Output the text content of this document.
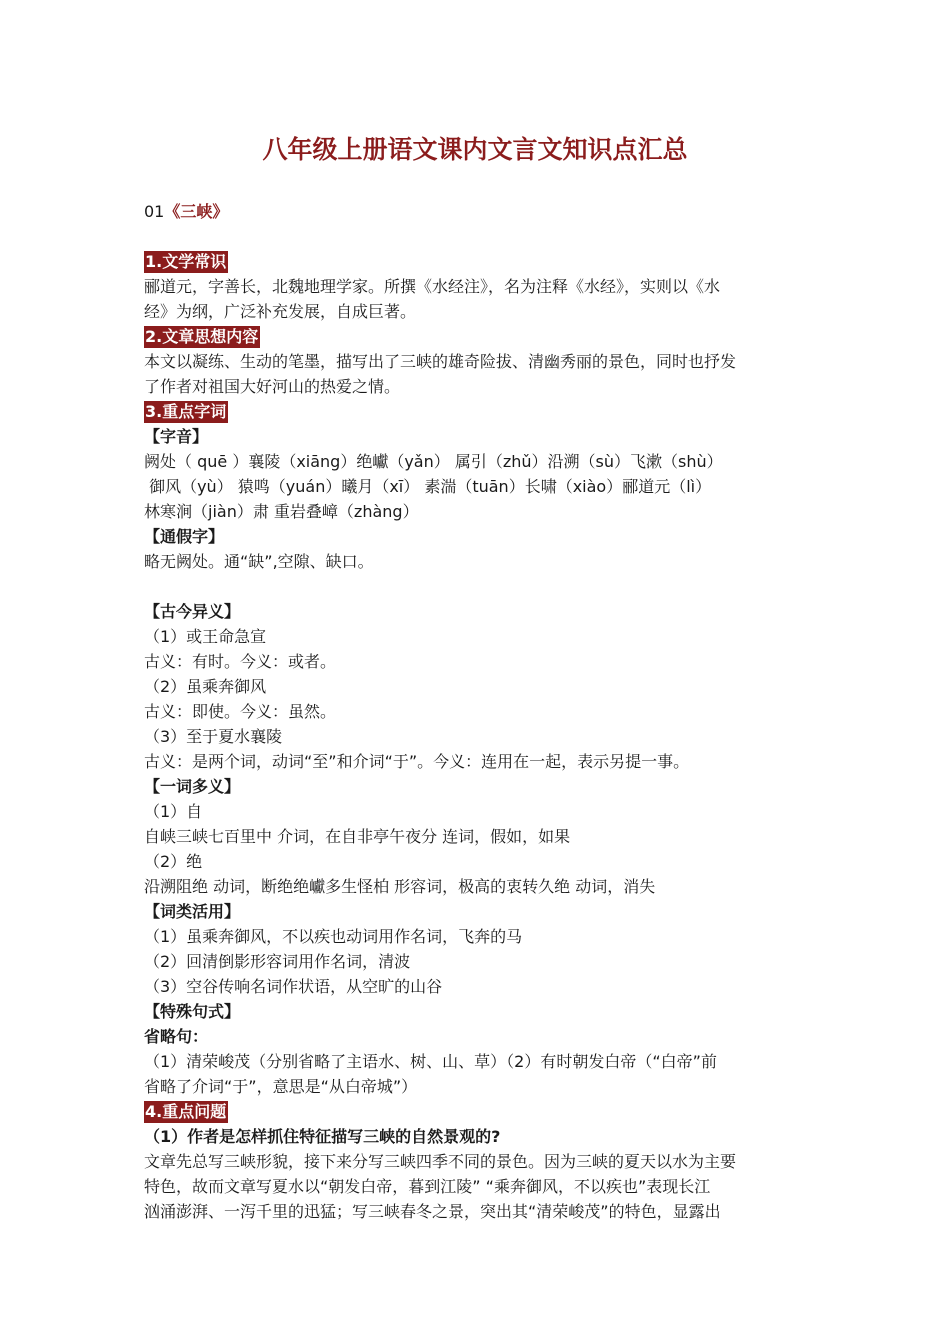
八年级上册语文课内文言文知识点汇总

01《三峡》

1.文学常识

郦道元，字善长，北魏地理学家。所撰《水经注》，名为注释《水经》，实则以《水

经》为纲，广泛补充发展，自成巨著。

2.文章思想内容

本文以凝练、生动的笔墨，描写出了三峡的雄奇险拔、清幽秀丽的景色，同时也抒发

了作者对祖国大好河山的热爱之情。

3.重点字词

【字音】

阙处（ quē ）襄陵（xiāng）绝巘（yǎn） 属引（zhǔ）沿溯（sù）飞漱（shù）

御风（yù） 猿鸣（yuán）曦月（xī） 素湍（tuān）长啸（xiào）郦道元（lì）

林寒涧（jiàn）肃 重岩叠嶂（zhàng）

【通假字】

略无阙处。通“缺”,空隙、缺口。

【古今异义】

（1）或王命急宣

古义：有时。今义：或者。

（2）虽乘奔御风

古义：即使。今义：虽然。

（3）至于夏水襄陵

古义：是两个词，动词“至”和介词“于”。今义：连用在一起，表示另提一事。

【一词多义】

（1）自

自峡三峡七百里中 介词，在自非亭午夜分 连词，假如，如果

（2）绝

沿溯阻绝 动词，断绝绝巘多生怪柏 形容词，极高的衷转久绝 动词，消失

【词类活用】

（1）虽乘奔御风，不以疾也动词用作名词，飞奔的马

（2）回清倒影形容词用作名词，清波

（3）空谷传响名词作状语，从空旷的山谷

【特殊句式】

省略句：

（1）清荣峻茂（分别省略了主语水、树、山、草）（2）有时朝发白帝（“白帝”前

省略了介词“于”，意思是“从白帝城”）

4.重点问题

（1）作者是怎样抓住特征描写三峡的自然景观的?

文章先总写三峡形貌，接下来分写三峡四季不同的景色。因为三峡的夏天以水为主要

特色，故而文章写夏水以“朝发白帝，暮到江陵” “乘奔御风，不以疾也”表现长江

汹涌澎湃、一泻千里的迅猛；写三峡春冬之景，突出其“清荣峻茂”的特色，显露出
